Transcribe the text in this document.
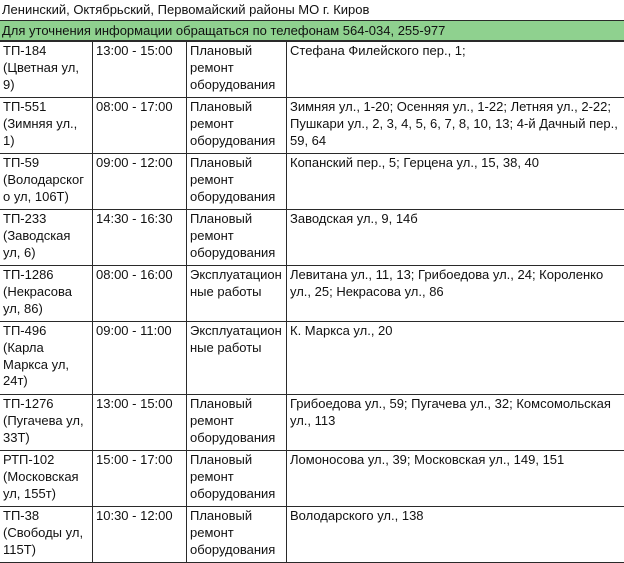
Ленинский, Октябрьский, Первомайский районы МО г. Киров
Для уточнения информации обращаться по телефонам 564-034, 255-977
ТП-184 (Цветная ул, 9)	13:00 - 15:00	Плановый ремонт оборудования	Стефана Филейского пер., 1;
ТП-551 (Зимняя ул., 1)	08:00 - 17:00	Плановый ремонт оборудования	Зимняя ул., 1-20; Осенняя ул., 1-22; Летняя ул., 2-22; Пушкари ул., 2, 3, 4, 5, 6, 7, 8, 10, 13; 4-й Дачный пер., 59, 64
ТП-59 (Володарского ул, 106Т)	09:00 - 12:00	Плановый ремонт оборудования	Копанский пер., 5; Герцена ул., 15, 38, 40
ТП-233 (Заводская ул, 6)	14:30 - 16:30	Плановый ремонт оборудования	Заводская ул., 9, 14б
ТП-1286 (Некрасова ул, 86)	08:00 - 16:00	Эксплуатационные работы	Левитана ул., 11, 13; Грибоедова ул., 24; Короленко ул., 25; Некрасова ул., 86
ТП-496 (Карла Маркса ул, 24т)	09:00 - 11:00	Эксплуатационные работы	К. Маркса ул., 20
ТП-1276 (Пугачева ул, 33Т)	13:00 - 15:00	Плановый ремонт оборудования	Грибоедова ул., 59; Пугачева ул., 32; Комсомольская ул., 113
РТП-102 (Московская ул, 155т)	15:00 - 17:00	Плановый ремонт оборудования	Ломоносова ул., 39; Московская ул., 149, 151
ТП-38 (Свободы ул, 115Т)	10:30 - 12:00	Плановый ремонт оборудования	Володарского ул., 138
